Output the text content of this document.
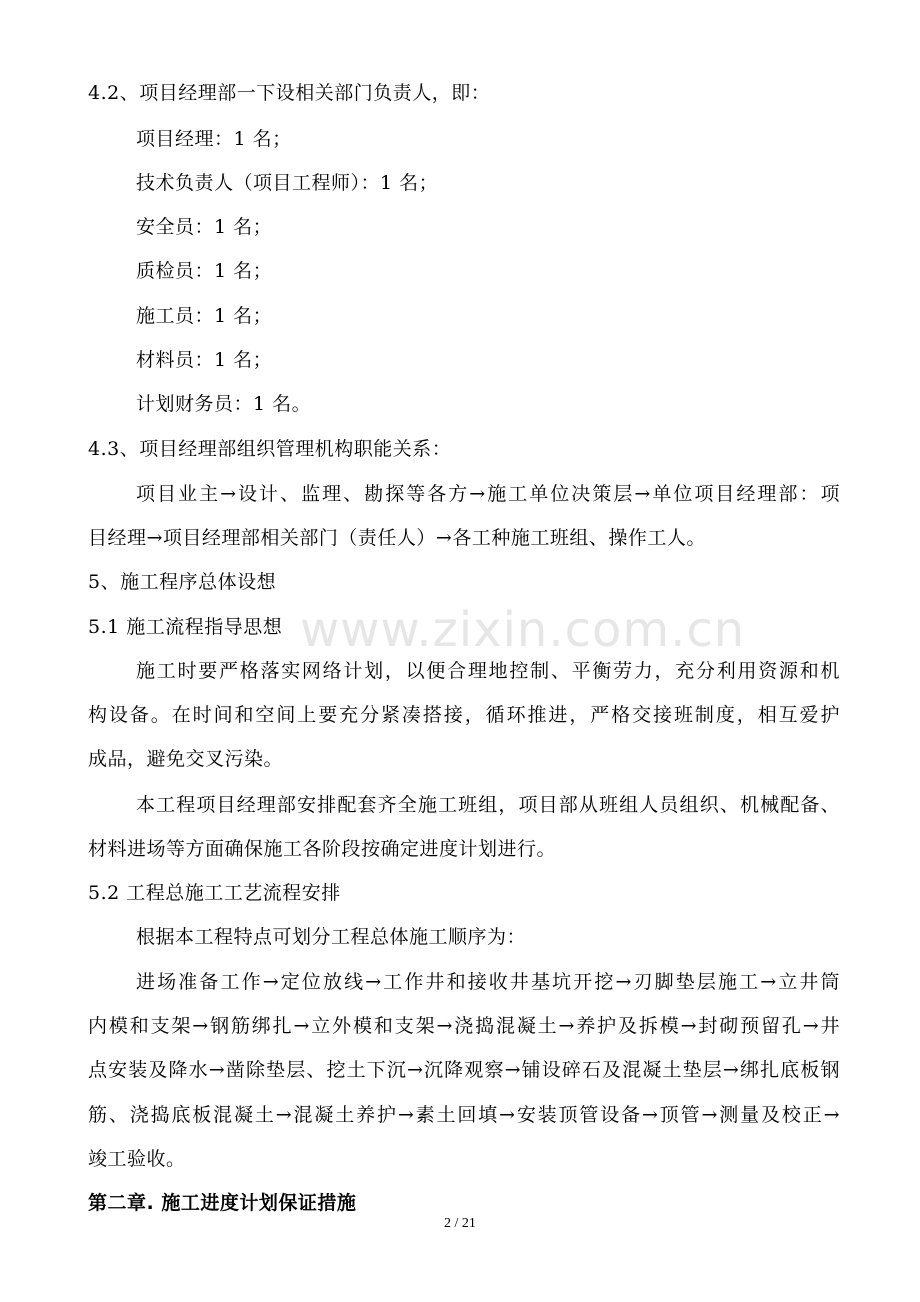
www.zixin.com.cn
4.2、项目经理部一下设相关部门负责人，即：
项目经理：1 名；
技术负责人（项目工程师）：1 名；
安全员：1 名；
质检员：1 名；
施工员：1 名；
材料员：1 名；
计划财务员：1 名。
4.3、项目经理部组织管理机构职能关系：
项目业主→设计、监理、勘探等各方→施工单位决策层→单位项目经理部：项
目经理→项目经理部相关部门（责任人）→各工种施工班组、操作工人。
5、施工程序总体设想
5.1 施工流程指导思想
施工时要严格落实网络计划，以便合理地控制、平衡劳力，充分利用资源和机
构设备。在时间和空间上要充分紧凑搭接，循环推进，严格交接班制度，相互爱护
成品，避免交叉污染。
本工程项目经理部安排配套齐全施工班组，项目部从班组人员组织、机械配备、
材料进场等方面确保施工各阶段按确定进度计划进行。
5.2 工程总施工工艺流程安排
根据本工程特点可划分工程总体施工顺序为：
进场准备工作→定位放线→工作井和接收井基坑开挖→刃脚垫层施工→立井筒
内模和支架→钢筋绑扎→立外模和支架→浇捣混凝土→养护及拆模→封砌预留孔→井
点安装及降水→凿除垫层、挖土下沉→沉降观察→铺设碎石及混凝土垫层→绑扎底板钢
筋、浇捣底板混凝土→混凝土养护→素土回填→安装顶管设备→顶管→测量及校正→
竣工验收。
第二章. 施工进度计划保证措施
2 / 21
